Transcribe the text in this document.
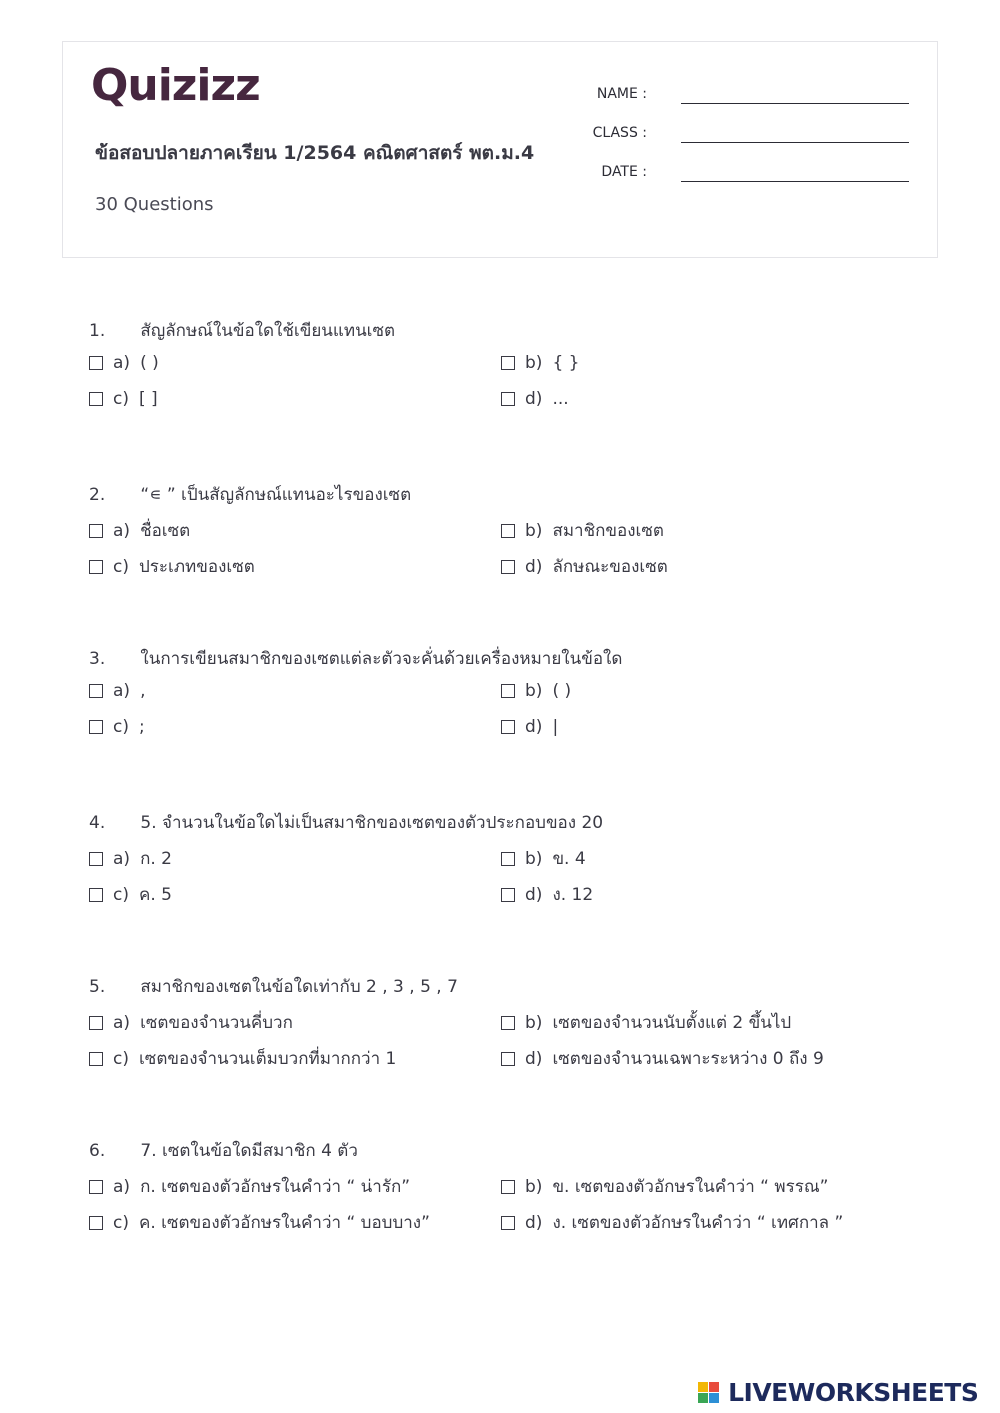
Quizizz
ข้อสอบปลายภาคเรียน 1/2564 คณิตศาสตร์ พต.ม.4
30 Questions
NAME :
CLASS :
DATE :
1. สัญลักษณ์ในข้อใดใช้เขียนแทนเซต
a) ( )	b) { }
c) [ ]	d) ...
2. “∊ ” เป็นสัญลักษณ์แทนอะไรของเซต
a) ชื่อเซต	b) สมาชิกของเซต
c) ประเภทของเซต	d) ลักษณะของเซต
3. ในการเขียนสมาชิกของเซตแต่ละตัวจะคั่นด้วยเครื่องหมายในข้อใด
a) ,	b) ( )
c) ;	d) |
4. 5. จำนวนในข้อใดไม่เป็นสมาชิกของเซตของตัวประกอบของ 20
a) ก. 2	b) ข. 4
c) ค. 5	d) ง. 12
5. สมาชิกของเซตในข้อใดเท่ากับ 2 , 3 , 5 , 7
a) เซตของจำนวนคี่บวก	b) เซตของจำนวนนับตั้งแต่ 2 ขึ้นไป
c) เซตของจำนวนเต็มบวกที่มากกว่า 1	d) เซตของจำนวนเฉพาะระหว่าง 0 ถึง 9
6. 7. เซตในข้อใดมีสมาชิก 4 ตัว
a) ก. เซตของตัวอักษรในคำว่า “ น่ารัก”	b) ข. เซตของตัวอักษรในคำว่า “ พรรณ”
c) ค. เซตของตัวอักษรในคำว่า “ บอบบาง”	d) ง. เซตของตัวอักษรในคำว่า “ เทศกาล ”
LIVEWORKSHEETS
